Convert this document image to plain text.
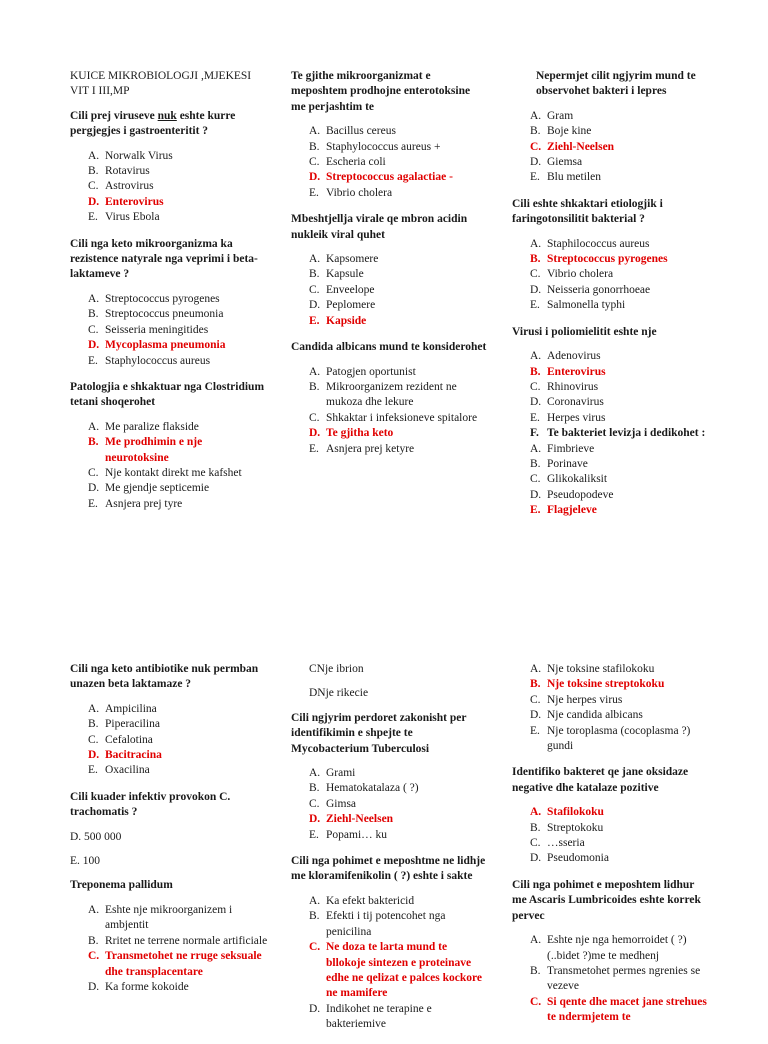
KUICE MIKROBIOLOGJI ,MJEKESI VIT I III,MP

Cili prej viruseve nuk eshte kurre pergjegjes i gastroenteritit ?

A. Norwalk Virus
B. Rotavirus
C. Astrovirus
D. Enterovirus
E. Virus Ebola

Cili nga keto mikroorganizma ka rezistence natyrale nga veprimi i beta-laktameve ?

A. Streptococcus pyrogenes
B. Streptococcus pneumonia
C. Seisseria meningitides
D. Mycoplasma pneumonia
E. Staphylococcus aureus

Patologjia e shkaktuar nga Clostridium tetani shoqerohet

A. Me paralize flakside
B. Me prodhimin e nje neurotoksine
C. Nje kontakt direkt me kafshet
D. Me gjendje septicemie
E. Asnjera prej tyre

Te gjithe mikroorganizmat e meposhtem prodhojne enterotoksine me perjashtim te

A. Bacillus cereus
B. Staphylococcus aureus +
C. Escheria coli
D. Streptococcus agalactiae -
E. Vibrio cholera

Mbeshtjellja virale qe mbron acidin nukleik viral quhet

A. Kapsomere
B. Kapsule
C. Enveelope
D. Peplomere
E. Kapside

Candida albicans mund te konsiderohet

A. Patogjen oportunist
B. Mikroorganizem rezident ne mukoza dhe lekure
C. Shkaktar i infeksioneve spitalore
D. Te gjitha keto
E. Asnjera prej ketyre

Nepermjet cilit ngjyrim mund te observohet bakteri i lepres

A. Gram
B. Boje kine
C. Ziehl-Neelsen
D. Giemsa
E. Blu metilen

Cili eshte shkaktari etiologjik i faringotonsilitit bakterial ?

A. Staphilococcus aureus
B. Streptococcus pyrogenes
C. Vibrio cholera
D. Neisseria gonorrhoeae
E. Salmonella typhi

Virusi i poliomielitit eshte nje

A. Adenovirus
B. Enterovirus
C. Rhinovirus
D. Coronavirus
E. Herpes virus
F. Te bakteriet levizja i dedikohet :
A. Fimbrieve
B. Porinave
C. Glikokaliksit
D. Pseudopodeve
E. Flagjeleve

Cili nga keto antibiotike nuk permban unazen beta laktamaze ?

A. Ampicilina
B. Piperacilina
C. Cefalotina
D. Bacitracina
E. Oxacilina

Cili kuader infektiv provokon C. trachomatis ?

D. 500 000

E. 100

Treponema pallidum

A. Eshte nje mikroorganizem i ambjentit
B. Rritet ne terrene normale artificiale
C. Transmetohet ne rruge seksuale dhe transplacentare
D. Ka forme kokoide

CNje ibrion

DNje rikecie

Cili ngjyrim perdoret zakonisht per identifikimin e shpejte te Mycobacterium Tuberculosi

A. Grami
B. Hematokatalaza ( ?)
C. Gimsa
D. Ziehl-Neelsen
E. Popami… ku

Cili nga pohimet e meposhtme ne lidhje me kloramifenikolin ( ?) eshte i sakte

A. Ka efekt baktericid
B. Efekti i tij potencohet nga penicilina
C. Ne doza te larta mund te bllokoje sintezen e proteinave edhe ne qelizat e palces kockore ne mamifere
D. Indikohet ne terapine e bakteriemive
A. Nje toksine stafilokoku
B. Nje toksine streptokoku
C. Nje herpes virus
D. Nje candida albicans
E. Nje toroplasma (cocoplasma ?) gundi

Identifiko bakteret qe jane oksidaze negative dhe katalaze pozitive

A. Stafilokoku
B. Streptokoku
C. …sseria
D. Pseudomonia

Cili nga pohimet e meposhtem lidhur me Ascaris Lumbricoides eshte korrek pervec

A. Eshte nje nga hemorroidet ( ?) (..bidet ?)me te medhenj
B. Transmetohet permes ngrenies se vezeve
C. Si qente dhe macet jane strehues te ndermjetem te
